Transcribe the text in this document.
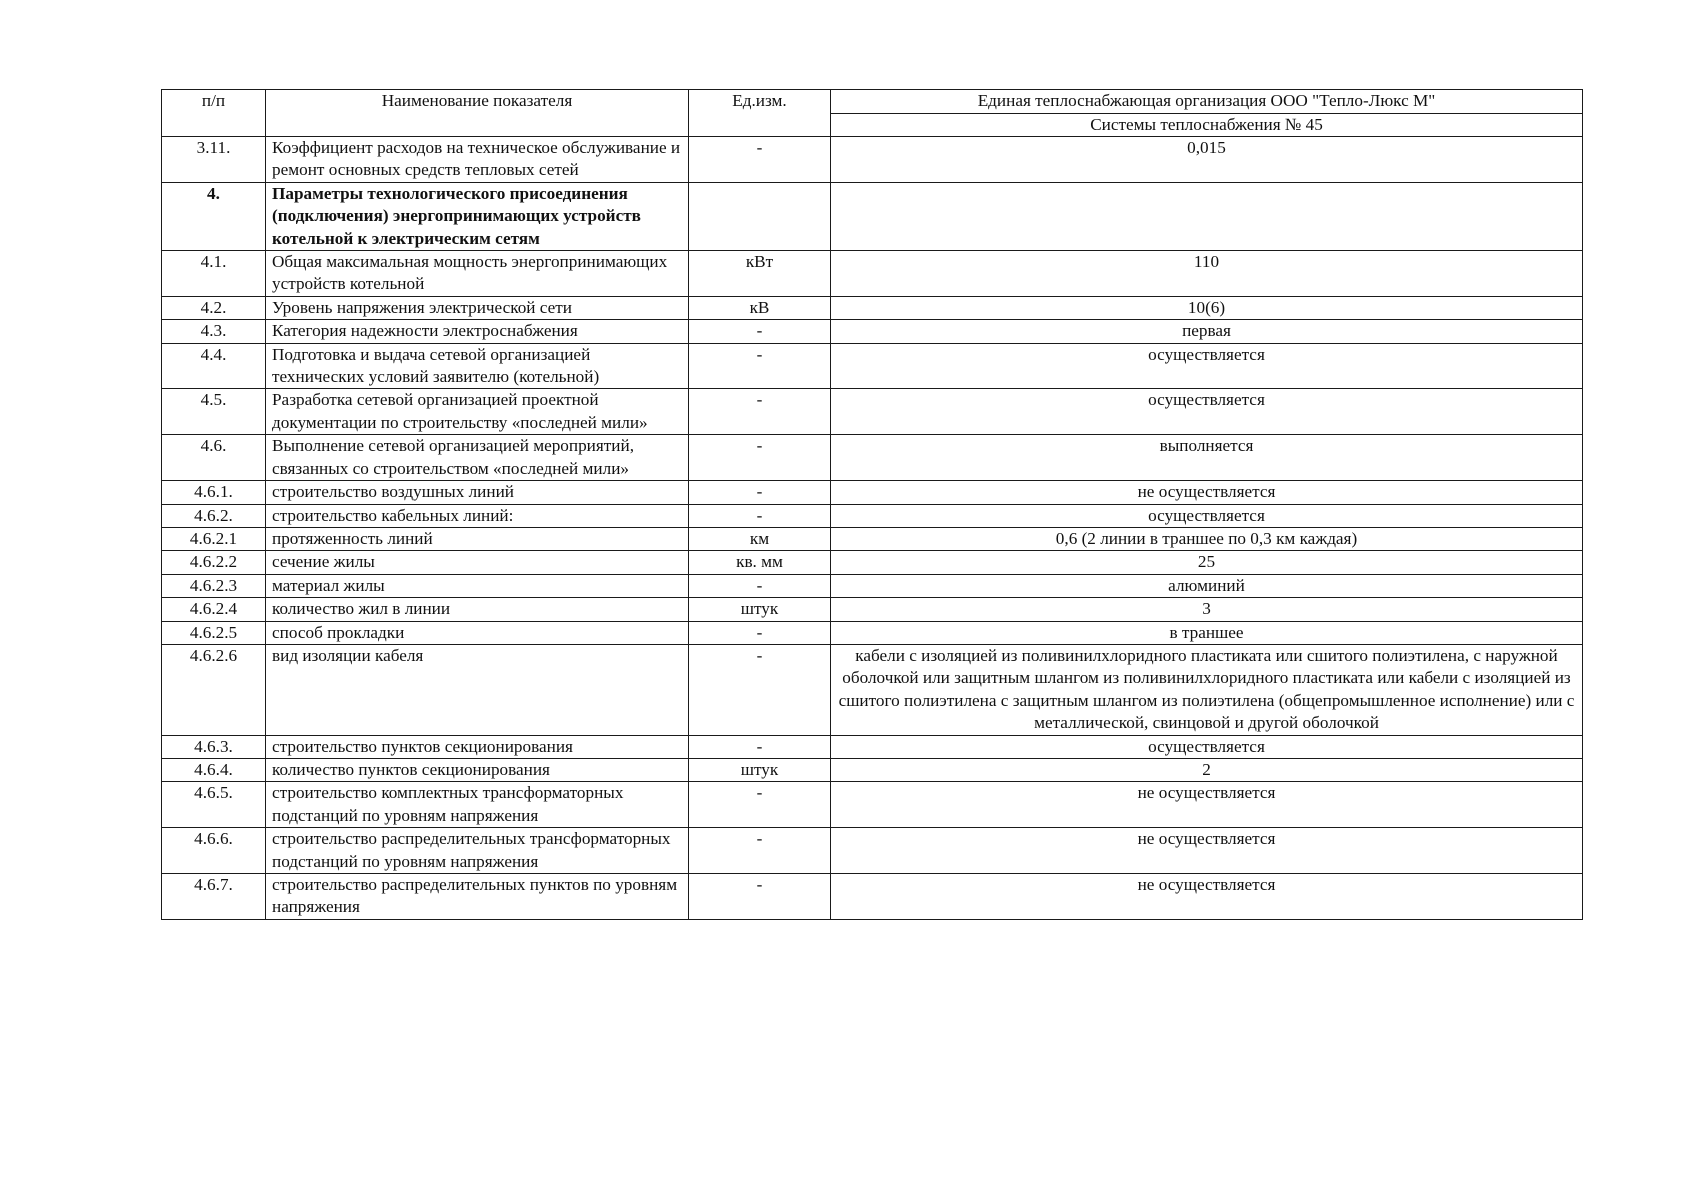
п/п	Наименование показателя	Ед.изм.	Единая теплоснабжающая организация ООО "Тепло-Люкс М"
			Системы теплоснабжения № 45
3.11.	Коэффициент расходов на техническое обслуживание и ремонт основных средств тепловых сетей	-	0,015
4.	Параметры технологического присоединения (подключения) энергопринимающих устройств котельной к электрическим сетям		
4.1.	Общая максимальная мощность энергопринимающих устройств котельной	кВт	110
4.2.	Уровень напряжения электрической сети	кВ	10(6)
4.3.	Категория надежности электроснабжения	-	первая
4.4.	Подготовка и выдача сетевой организацией технических условий заявителю (котельной)	-	осуществляется
4.5.	Разработка сетевой организацией проектной документации по строительству «последней мили»	-	осуществляется
4.6.	Выполнение сетевой организацией мероприятий, связанных со строительством «последней мили»	-	выполняется
4.6.1.	строительство воздушных линий	-	не осуществляется
4.6.2.	строительство кабельных линий:	-	осуществляется
4.6.2.1	протяженность линий	км	0,6 (2 линии в траншее по 0,3 км каждая)
4.6.2.2	сечение жилы	кв. мм	25
4.6.2.3	материал жилы	-	алюминий
4.6.2.4	количество жил в линии	штук	3
4.6.2.5	способ прокладки	-	в траншее
4.6.2.6	вид изоляции кабеля	-	кабели с изоляцией из поливинилхлоридного пластиката или сшитого полиэтилена, с наружной оболочкой или защитным шлангом из поливинилхлоридного пластиката или кабели с изоляцией из сшитого полиэтилена с защитным шлангом из полиэтилена (общепромышленное исполнение) или с металлической, свинцовой и другой оболочкой
4.6.3.	строительство пунктов секционирования	-	осуществляется
4.6.4.	количество пунктов секционирования	штук	2
4.6.5.	строительство комплектных трансформаторных подстанций по уровням напряжения	-	не осуществляется
4.6.6.	строительство распределительных трансформаторных подстанций по уровням напряжения	-	не осуществляется
4.6.7.	строительство распределительных пунктов по уровням напряжения	-	не осуществляется
